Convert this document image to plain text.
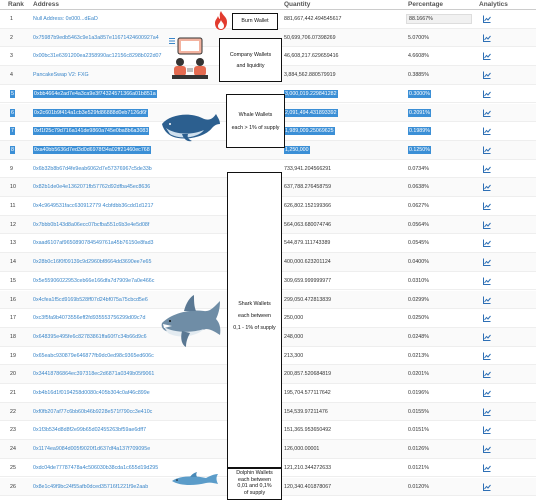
Rank Address	Quantity	Percentage	Analytics
1	Null Address: 0x000...dEaD	881,667,442.494545617	88.1667%
2	0x75987b9edb5463c9e1a3a857e11671424600927a4	50,699,706.07398269	5.0700%
3	0x00bc31e6391200ea2358990ac12156c8298b022d07	46,608,217.629659416	4.6608%
4	PancakeSwap V2: FXG	3,884,562.880579919	0.3885%
5	0xbb4664e2ad7e4a3ca9e3f74324571366a01b851a	3,000,019.229841282	0.3000%
6	0x2c601b9f414a1cb3e529fd86888d0eb7126d6f	2,091,494.431893392	0.2091%
7	0xf1f25c79d716a141de9860a745e0ba8b6a3083	1,989,009.25069625	0.1989%
8	0xa40bb5636d7ed3d0d6978f34a02ff21460ec768	1,250,000	0.1250%
9	0x6b32b8b67d4fe9eab6062d7e57376967c5de33b	733,941.204566291	0.0734%
10	0x82b1de0e4e1362071fb57762d92dfba45ec8636	637,788.276458759	0.0638%
11	0x4c9649531facc630912779 4cbfdbb36cdd1d1217	626,802.152199366	0.0627%
12	0x7bbb0b143d8a06ecc07bcfba551c6b3e4e5d08f	564,063.680074746	0.0564%
13	0xaad6107af9650890784549761a45b76150e8fad3	544,879.111743389	0.0545%
14	0x28b0c16f0f09139c9d2960bf8664dd3690ee7e65	400,000.623201124	0.0400%
15	0x5e55906022953ceb66e166dfa7d7909e7a0e466c	309,659.999999977	0.0310%
16	0x4cfea1f5cd9169b528ff07d24bf075a75cbcd5e6	299,050.472813839	0.0299%
17	0xc3f5fa9b4073556eff2fd935553756299d09c7d	250,000	0.0250%
18	0x648395e495fe6c82783861ffa60f7c34b66d9c6	248,000	0.0248%
19	0x65eabc930879e646877fb9dc0ed98c9365ed606c	213,300	0.0213%
20	0x34418786864ec397318ec2d6871a0349b05f9061	200,857.520684819	0.0201%
21	0xb4b16d1f0194258d0080c405b304c0af46c899e	195,704.577117642	0.0196%
22	0xf0fb207af77c6bb60b46b9228e571f790cc3e410c	154,539.97211476	0.0155%
23	0x1f3b534d8d8f2e99b65d02455263bf59ae6dff7	151,365.953650492	0.0151%
24	0x1174ea9084d005f9020f1d637df4a137f709095e	126,000.00001	0.0126%
25	0xdc04de77787478a4c506030b38cda1c655d19d295	121,210.344272633	0.0121%
26	0x8e1c49f9bc24f55afb0dced35716f1221f9e2aab	120,340.401878067	0.0120%
Burn Wallet
Company Wallets
and liquidity
Whale Wallets
each > 1% of supply
Shark Wallets
each between
0,1 - 1% of supply
Dolphin Wallets
each between
0,01 and 0,1%
of supply
